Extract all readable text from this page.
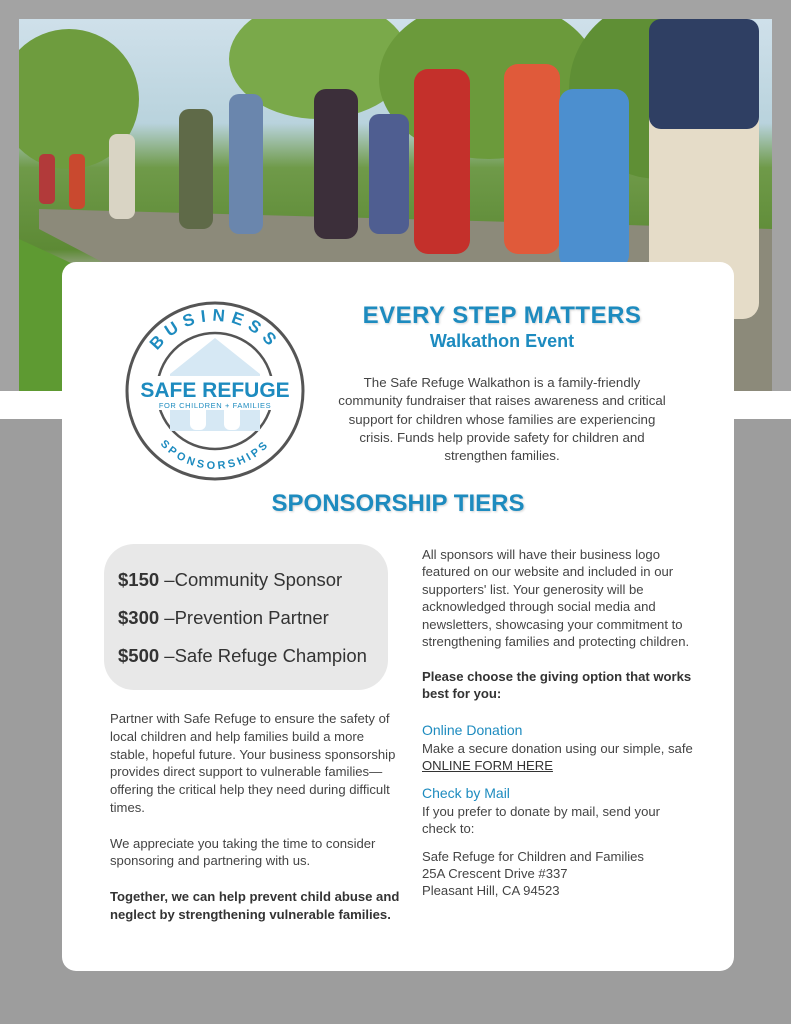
BUSINESS
SPONSORSHIPS
SAFE REFUGE
FOR CHILDREN + FAMILIES
EVERY STEP MATTERS
Walkathon Event
The Safe Refuge Walkathon is a family-friendly community fundraiser that raises awareness and critical support for children whose families are experiencing crisis. Funds help provide safety for children and strengthen families.
SPONSORSHIP TIERS
$150 –Community Sponsor
$300 –Prevention Partner
$500 –Safe Refuge Champion

Partner with Safe Refuge to ensure the safety of local children and help families build a more stable, hopeful future. Your business sponsorship provides direct support to vulnerable families—offering the critical help they need during difficult times.

We appreciate you taking the time to consider sponsoring and partnering with us.

Together, we can help prevent child abuse and neglect by strengthening vulnerable families.

All sponsors will have their business logo featured on our website and included in our supporters' list. Your generosity will be acknowledged through social media and newsletters, showcasing your commitment to strengthening families and protecting children.

Please choose the giving option that works best for you:

Online Donation

Make a secure donation using our simple, safe ONLINE FORM HERE

Check by Mail

If you prefer to donate by mail, send your check to:

Safe Refuge for Children and Families
25A Crescent Drive #337
Pleasant Hill, CA 94523
